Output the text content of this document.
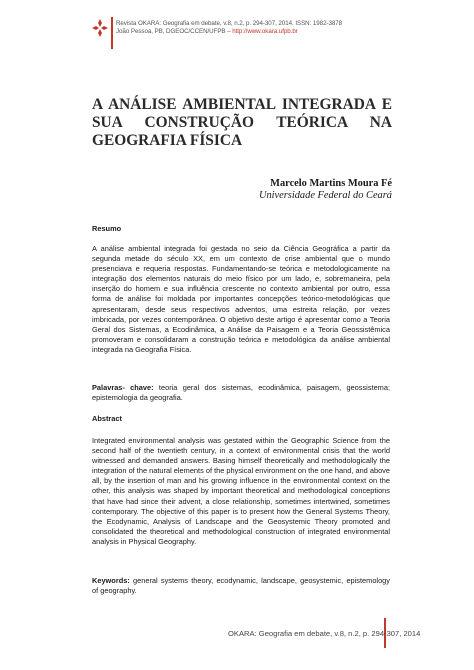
Revista OKARA: Geografia em debate, v.8, n.2, p. 294-307, 2014. ISSN: 1982-3878
João Pessoa, PB, DGEOC/CCEN/UFPB – http://www.okara.ufpb.br
A ANÁLISE AMBIENTAL INTEGRADA E SUA CONSTRUÇÃO TEÓRICA NA GEOGRAFIA FÍSICA
Marcelo Martins Moura Fé
Universidade Federal do Ceará
Resumo

A análise ambiental integrada foi gestada no seio da Ciência Geográfica a partir da segunda metade do século XX, em um contexto de crise ambiental que o mundo presenciava e requeria respostas. Fundamentando-se teórica e metodologicamente na integração dos elementos naturais do meio físico por um lado, e, sobremaneira, pela inserção do homem e sua influência crescente no contexto ambiental por outro, essa forma de análise foi moldada por importantes concepções teórico-metodológicas que apresentaram, desde seus respectivos adventos, uma estreita relação, por vezes imbricada, por vezes contemporânea. O objetivo deste artigo é apresentar como a Teoria Geral dos Sistemas, a Ecodinâmica, a Análise da Paisagem e a Teoria Geossistêmica promoveram e consolidaram a construção teórica e metodológica da análise ambiental integrada na Geografia Física.

Palavras- chave: teoria geral dos sistemas, ecodinâmica, paisagem, geossistema; epistemologia da geografia.

Abstract

Integrated environmental analysis was gestated within the Geographic Science from the second half of the twentieth century, in a context of environmental crisis that the world witnessed and demanded answers. Basing himself theoretically and methodologically the integration of the natural elements of the physical environment on the one hand, and above all, by the insertion of man and his growing influence in the environmental context on the other, this analysis was shaped by important theoretical and methodological conceptions that have had since their advent, a close relationship, sometimes intertwined, sometimes contemporary. The objective of this paper is to present how the General Systems Theory, the Ecodynamic, Analysis of Landscape and the Geosystemic Theory promoted and consolidated the theoretical and methodological construction of integrated environmental analysis in Physical Geography.

Keywords: general systems theory, ecodynamic, landscape, geosystemic, epistemology of geography.

OKARA: Geografia em debate, v.8, n.2, p. 294-307, 2014
